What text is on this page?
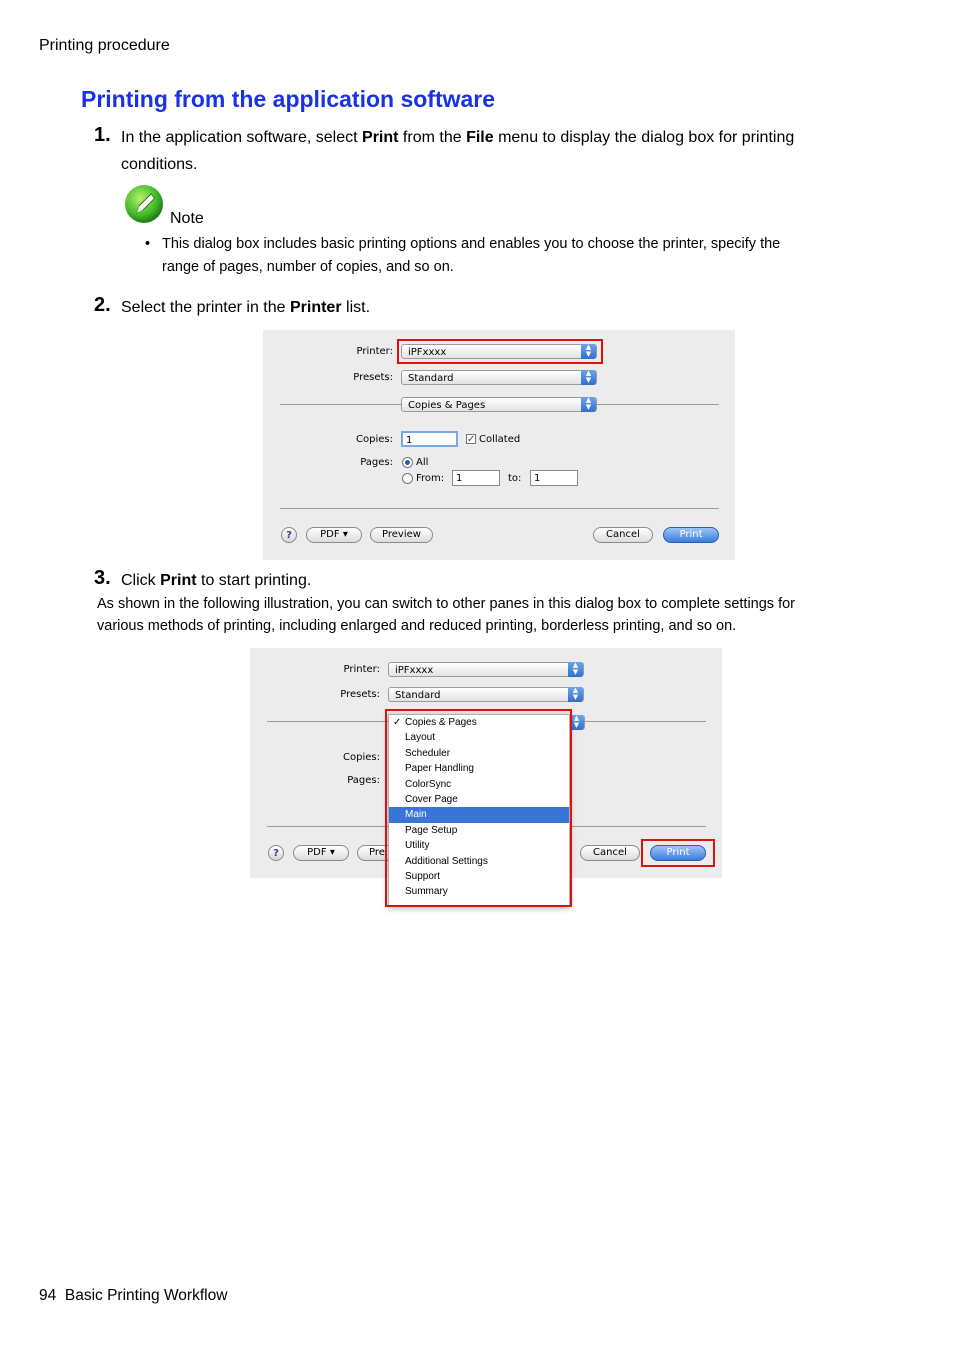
Printing procedure
Printing from the application software
1. In the application software, select Print from the File menu to display the dialog box for printing
conditions.
Note
• This dialog box includes basic printing options and enables you to choose the printer, specify the
range of pages, number of copies, and so on.
2. Select the printer in the Printer list.
Printer:	iPFxxxx	▲
▼
Presets:	Standard	▲
▼
Copies & Pages	▲
▼
Copies:	1	✓ Collated
Pages: All
From:	1	to:	1
?	PDF ▾	Preview	Cancel	Print
3. Click Print to start printing.
As shown in the following illustration, you can switch to other panes in this dialog box to complete settings for
various methods of printing, including enlarged and reduced printing, borderless printing, and so on.
Printer:	iPFxxxx	▲
▼
Presets:	Standard	▲
▼
▲
▼
Copies:
Pages:
?	PDF ▾	Pre	Cancel	Print
✓ Copies & Pages
Layout
Scheduler
Paper Handling
ColorSync
Cover Page
Main
Page Setup
Utility
Additional Settings
Support
Summary
94 Basic Printing Workflow
